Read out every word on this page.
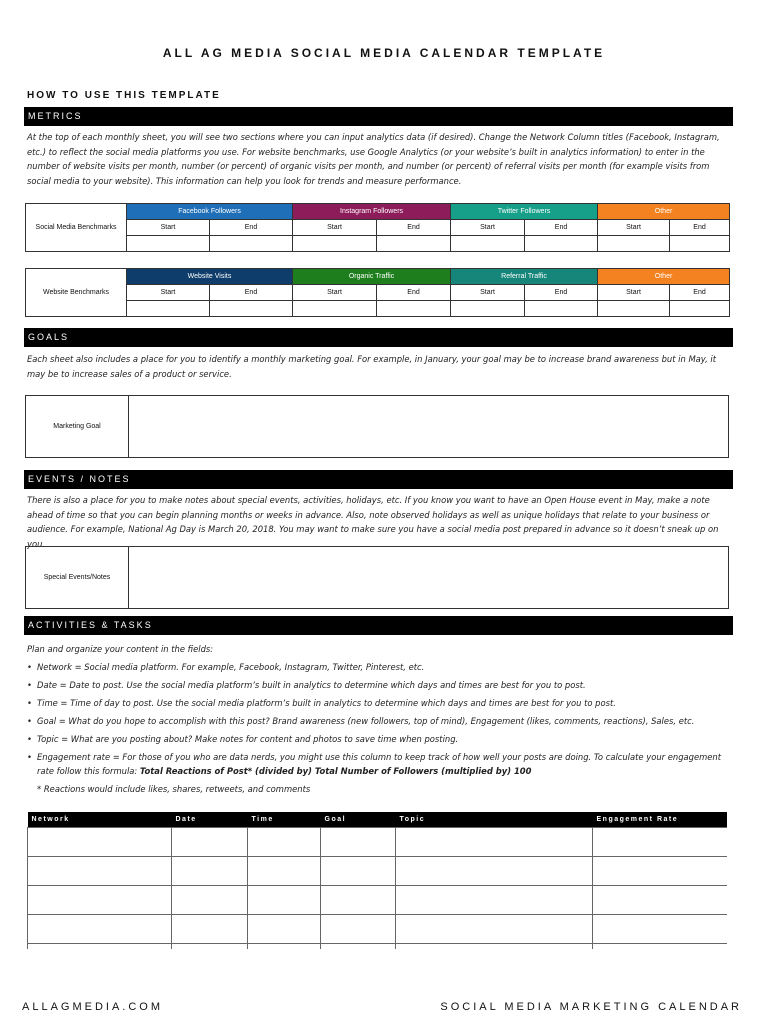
ALL AG MEDIA SOCIAL MEDIA CALENDAR TEMPLATE
HOW TO USE THIS TEMPLATE
METRICS
At the top of each monthly sheet, you will see two sections where you can input analytics data (if desired). Change the Network Column titles (Facebook, Instagram, etc.) to reflect the social media platforms you use. For website benchmarks, use Google Analytics (or your website’s built in analytics information) to enter in the number of website visits per month, number (or percent) of organic visits per month, and number (or percent) of referral visits per month (for example visits from social media to your website). This information can help you look for trends and measure performance.
Social Media Benchmarks	Facebook Followers		Instagram Followers		Twitter Followers		Other	
	Start	End	Start	End	Start	End	Start	End

Website Benchmarks	Website Visits		Organic Traffic		Referral Traffic		Other	
	Start	End	Start	End	Start	End	Start	End

GOALS
Each sheet also includes a place for you to identify a monthly marketing goal. For example, in January, your goal may be to increase brand awareness but in May, it may be to increase sales of a product or service.
Marketing Goal
EVENTS / NOTES
There is also a place for you to make notes about special events, activities, holidays, etc. If you know you want to have an Open House event in May, make a note ahead of time so that you can begin planning months or weeks in advance. Also, note observed holidays as well as unique holidays that relate to your business or audience. For example, National Ag Day is March 20, 2018. You may want to make sure you have a social media post prepared in advance so it doesn’t sneak up on you.
Special Events/Notes
ACTIVITIES & TASKS
Plan and organize your content in the fields:
• Network = Social media platform. For example, Facebook, Instagram, Twitter, Pinterest, etc.
• Date = Date to post. Use the social media platform’s built in analytics to determine which days and times are best for you to post.
• Time = Time of day to post. Use the social media platform’s built in analytics to determine which days and times are best for you to post.
• Goal = What do you hope to accomplish with this post? Brand awareness (new followers, top of mind), Engagement (likes, comments, reactions), Sales, etc.
• Topic = What are you posting about? Make notes for content and photos to save time when posting.
• Engagement rate = For those of you who are data nerds, you might use this column to keep track of how well your posts are doing. To calculate your engagement rate follow this formula: Total Reactions of Post* (divided by) Total Number of Followers (multiplied by) 100
* Reactions would include likes, shares, retweets, and comments
Network	Date	Time	Goal	Topic	Engagement Rate

ALLAGMEDIA.COM	SOCIAL MEDIA MARKETING CALENDAR
